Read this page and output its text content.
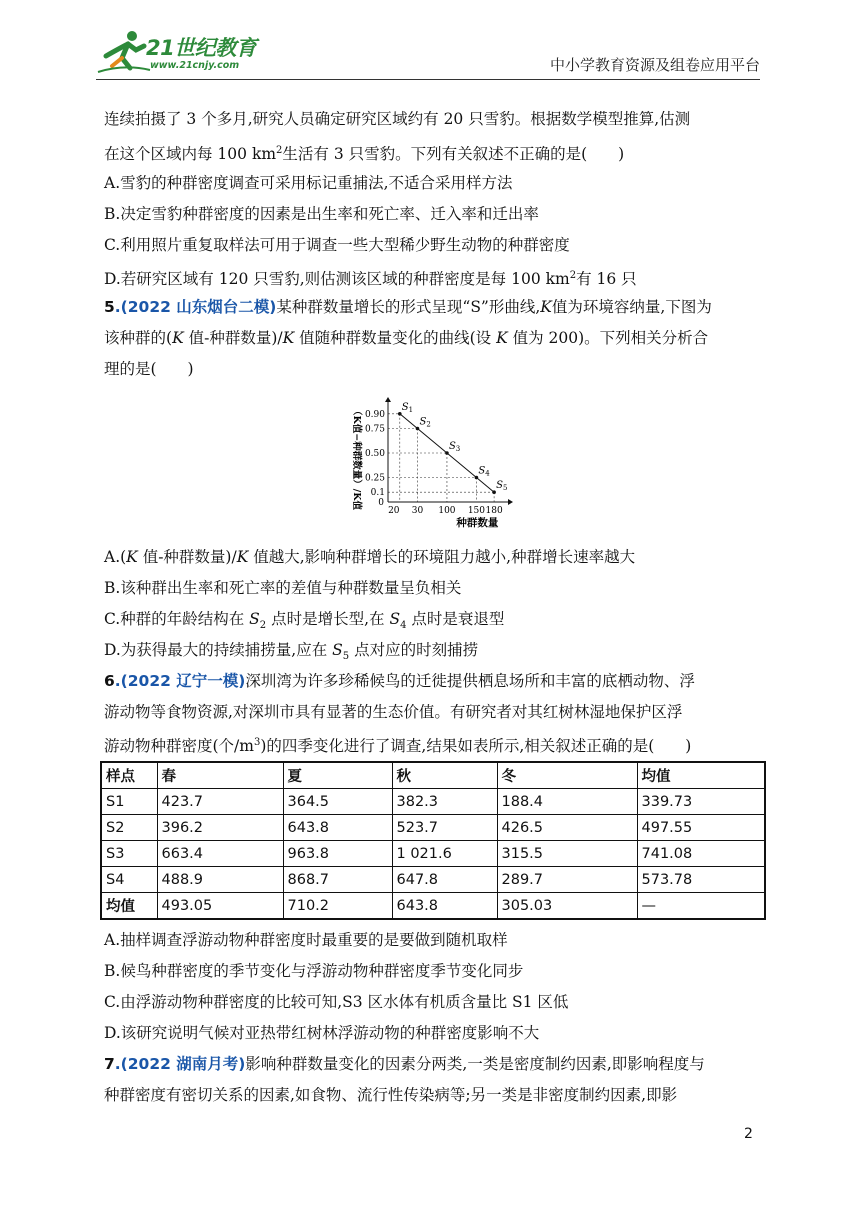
21世纪教育
www.21cnjy.com	中小学教育资源及组卷应用平台
连续拍摄了 3 个多月,研究人员确定研究区域约有 20 只雪豹。根据数学模型推算,估测
在这个区域内每 100 $km^2$生活有 3 只雪豹。下列有关叙述不正确的是(　　)
A.雪豹的种群密度调查可采用标记重捕法,不适合采用样方法
B.决定雪豹种群密度的因素是出生率和死亡率、迁入率和迁出率
C.利用照片重复取样法可用于调查一些大型稀少野生动物的种群密度
D.若研究区域有 120 只雪豹,则估测该区域的种群密度是每 100 $km^2$有 16 只
5.(2022 山东烟台二模)某种群数量增长的形式呈现“S”形曲线,K值为环境容纳量,下图为
该种群的(K 值-种群数量)/K 值随种群数量变化的曲线(设 K 值为 200)。下列相关分析合
理的是(　　)
（K值−种群数量）/K值	$S_1$
$S_2$
$S_3$
$S_4$
$S_5$
0.90
0.75
0.50
0.25
0.1
20 30 100 150 180
0
种群数量
A.(K 值-种群数量)/K 值越大,影响种群增长的环境阻力越小,种群增长速率越大
B.该种群出生率和死亡率的差值与种群数量呈负相关
C.种群的年龄结构在 $S_2$ 点时是增长型,在 $S_4$ 点时是衰退型
D.为获得最大的持续捕捞量,应在 $S_5$ 点对应的时刻捕捞
6.(2022 辽宁一模)深圳湾为许多珍稀候鸟的迁徙提供栖息场所和丰富的底栖动物、浮
游动物等食物资源,对深圳市具有显著的生态价值。有研究者对其红树林湿地保护区浮
游动物种群密度(个$/m^3$)的四季变化进行了调查,结果如表所示,相关叙述正确的是(　　)
样点	春	夏	秋	冬	均值
S1	423.7	364.5	382.3	188.4	339.73
S2	396.2	643.8	523.7	426.5	497.55
S3	663.4	963.8	1 021.6	315.5	741.08
S4	488.9	868.7	647.8	289.7	573.78
均值	493.05	710.2	643.8	305.03	—
A.抽样调查浮游动物种群密度时最重要的是要做到随机取样
B.候鸟种群密度的季节变化与浮游动物种群密度季节变化同步
C.由浮游动物种群密度的比较可知,S3 区水体有机质含量比 S1 区低
D.该研究说明气候对亚热带红树林浮游动物的种群密度影响不大
7.(2022 湖南月考)影响种群数量变化的因素分两类,一类是密度制约因素,即影响程度与
种群密度有密切关系的因素,如食物、流行性传染病等;另一类是非密度制约因素,即影
2
